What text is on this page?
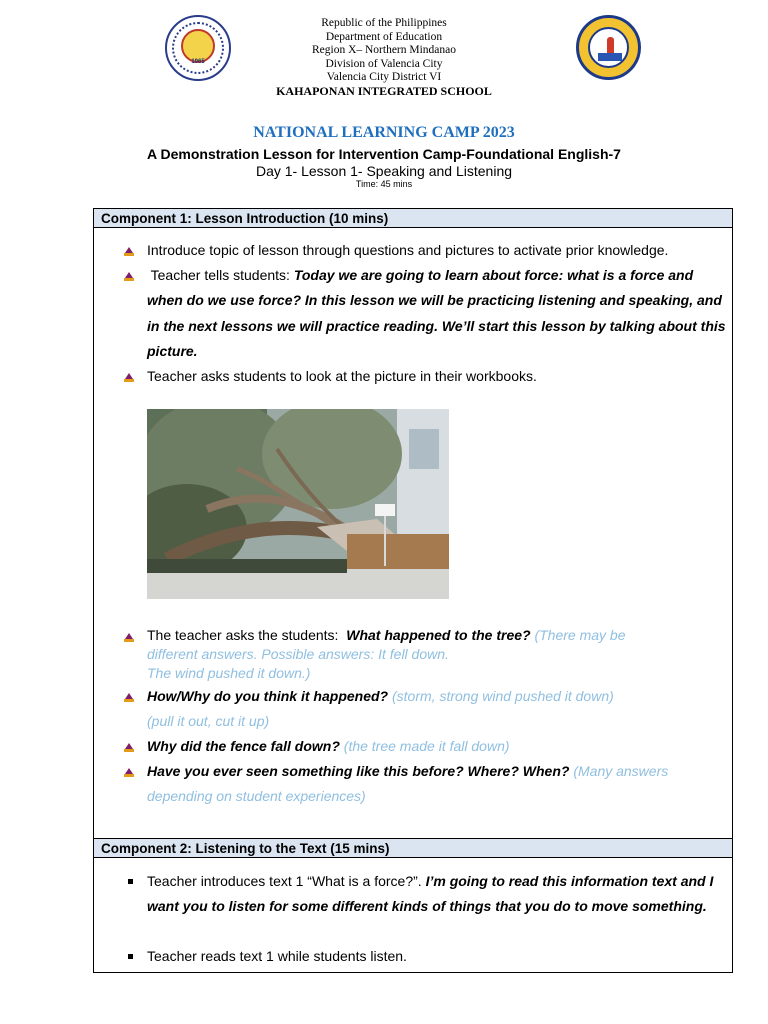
1965
Republic of the Philippines
Department of Education
Region X– Northern Mindanao
Division of Valencia City
Valencia City District VI
KAHAPONAN INTEGRATED SCHOOL
NATIONAL LEARNING CAMP 2023
A Demonstration Lesson for Intervention Camp-Foundational English-7
Day 1- Lesson 1- Speaking and Listening
Time: 45 mins
Component 1: Lesson Introduction (10 mins)
Introduce topic of lesson through questions and pictures to activate prior knowledge.
Teacher tells students: Today we are going to learn about force: what is a force and when do we use force? In this lesson we will be practicing listening and speaking, and in the next lessons we will practice reading. We’ll start this lesson by talking about this picture.
Teacher asks students to look at the picture in their workbooks.
The teacher asks the students:  What happened to the tree? (There may be
different answers. Possible answers: It fell down.
The wind pushed it down.)
How/Why do you think it happened? (storm, strong wind pushed it down)
(pull it out, cut it up)
Why did the fence fall down? (the tree made it fall down)
Have you ever seen something like this before? Where? When? (Many answers depending on student experiences)
Component 2: Listening to the Text (15 mins)
Teacher introduces text 1 “What is a force?”. I’m going to read this information text and I want you to listen for some different kinds of things that you do to move something.
Teacher reads text 1 while students listen.
